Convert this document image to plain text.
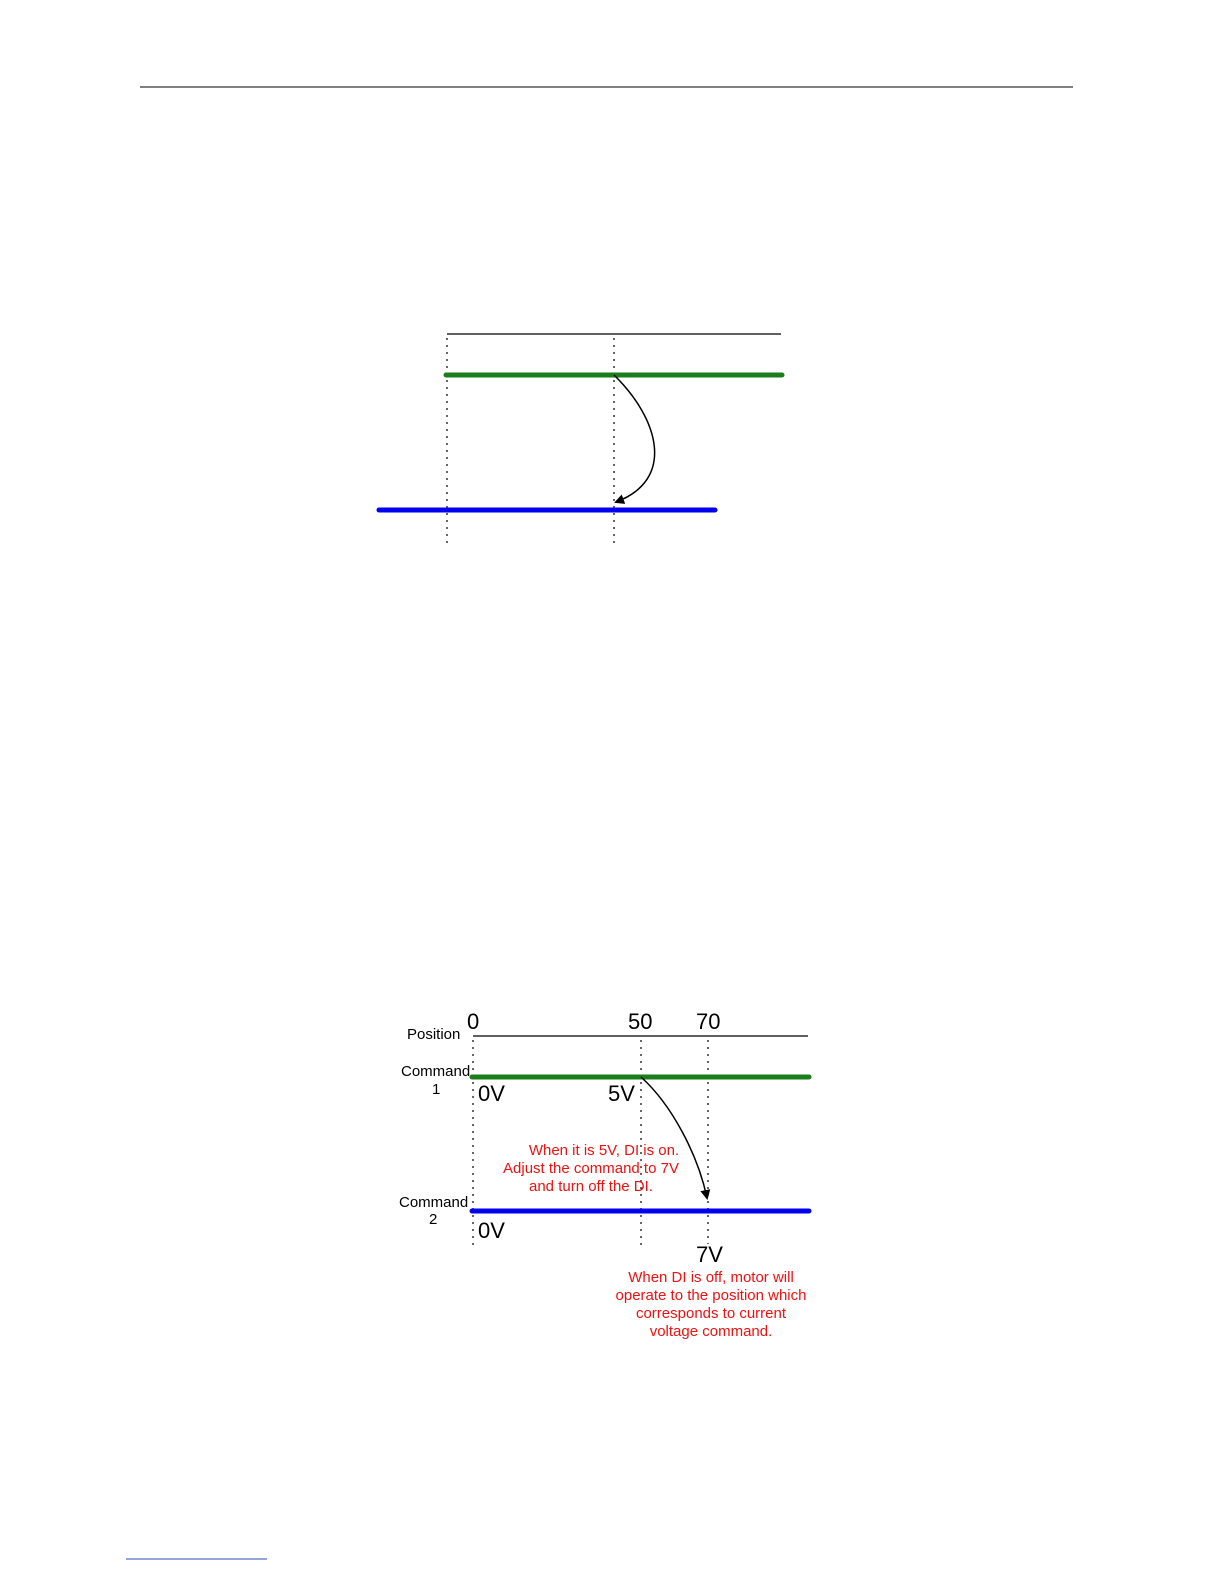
Position
0	50 70
Command
1 0V	5V
When it is 5V, DI is on.
Adjust the command to 7V
and turn off the DI.
Command
2 0V
7V
When DI is off, motor will
operate to the position which
corresponds to current
voltage command.
